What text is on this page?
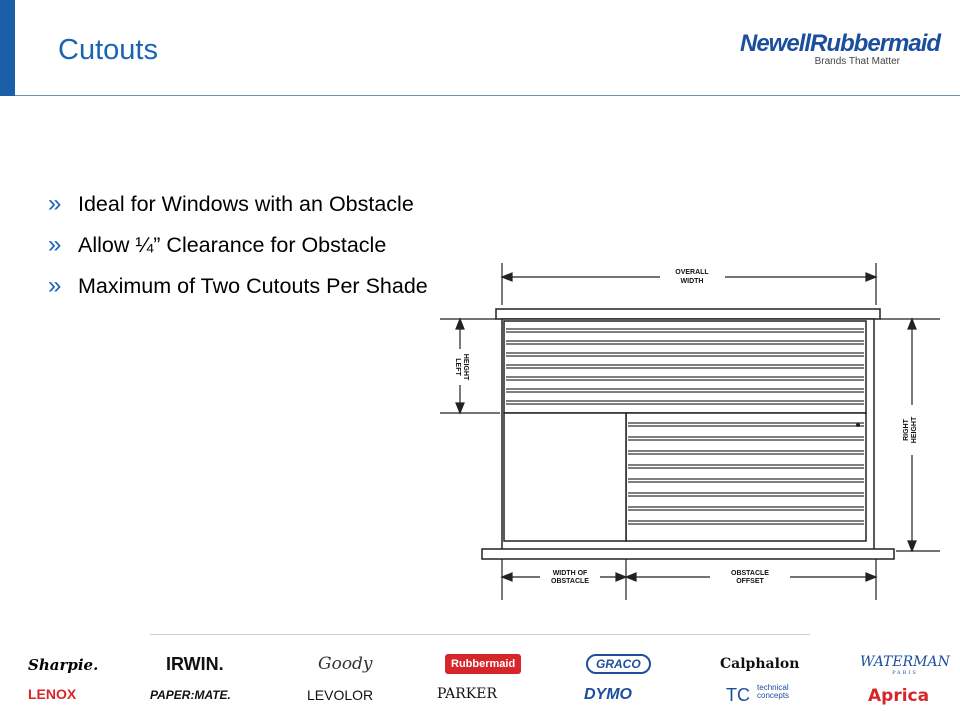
Cutouts	NewellRubbermaid
Brands That Matter
» Ideal for Windows with an Obstacle
» Allow ¼” Clearance for Obstacle
» Maximum of Two Cutouts Per Shade
OVERALL
WIDTH
WIDTH OF
OBSTACLE
OBSTACLE
OFFSET
LEFT HEIGHT
RIGHT HEIGHT
Sharpie.	IRWIN.	Goody	Rubbermaid	GRACO	Calphalon	WATERMAN
PARIS
LENOX	PAPER:MATE.	LEVOLOR	PARKER	DYMO	TC technical
concepts	Aprica
